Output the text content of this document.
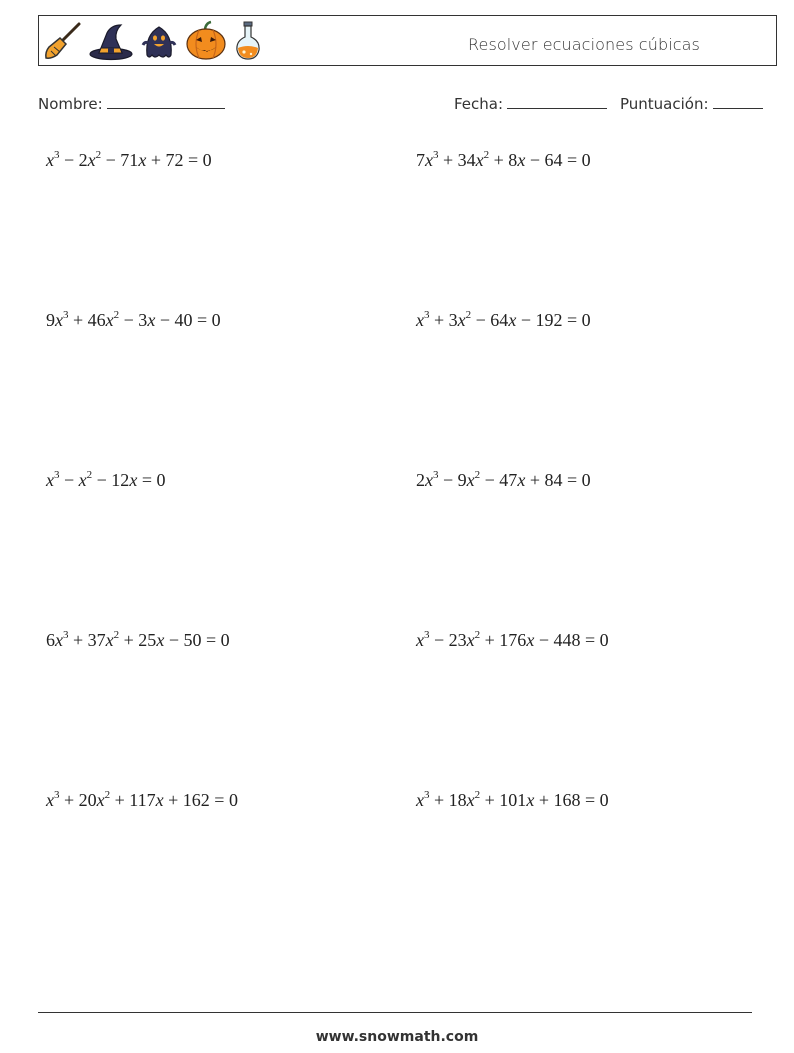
Resolver ecuaciones cúbicas
Nombre:	Fecha:	Puntuación:
$x^3 - 2x^2 - 71x + 72 = 0$	$7x^3 + 34x^2 + 8x - 64 = 0$
$9x^3 + 46x^2 - 3x - 40 = 0$	$x^3 + 3x^2 - 64x - 192 = 0$
$x^3 - x^2 - 12x = 0$	$2x^3 - 9x^2 - 47x + 84 = 0$
$6x^3 + 37x^2 + 25x - 50 = 0$	$x^3 - 23x^2 + 176x - 448 = 0$
$x^3 + 20x^2 + 117x + 162 = 0$	$x^3 + 18x^2 + 101x + 168 = 0$
www.snowmath.com
